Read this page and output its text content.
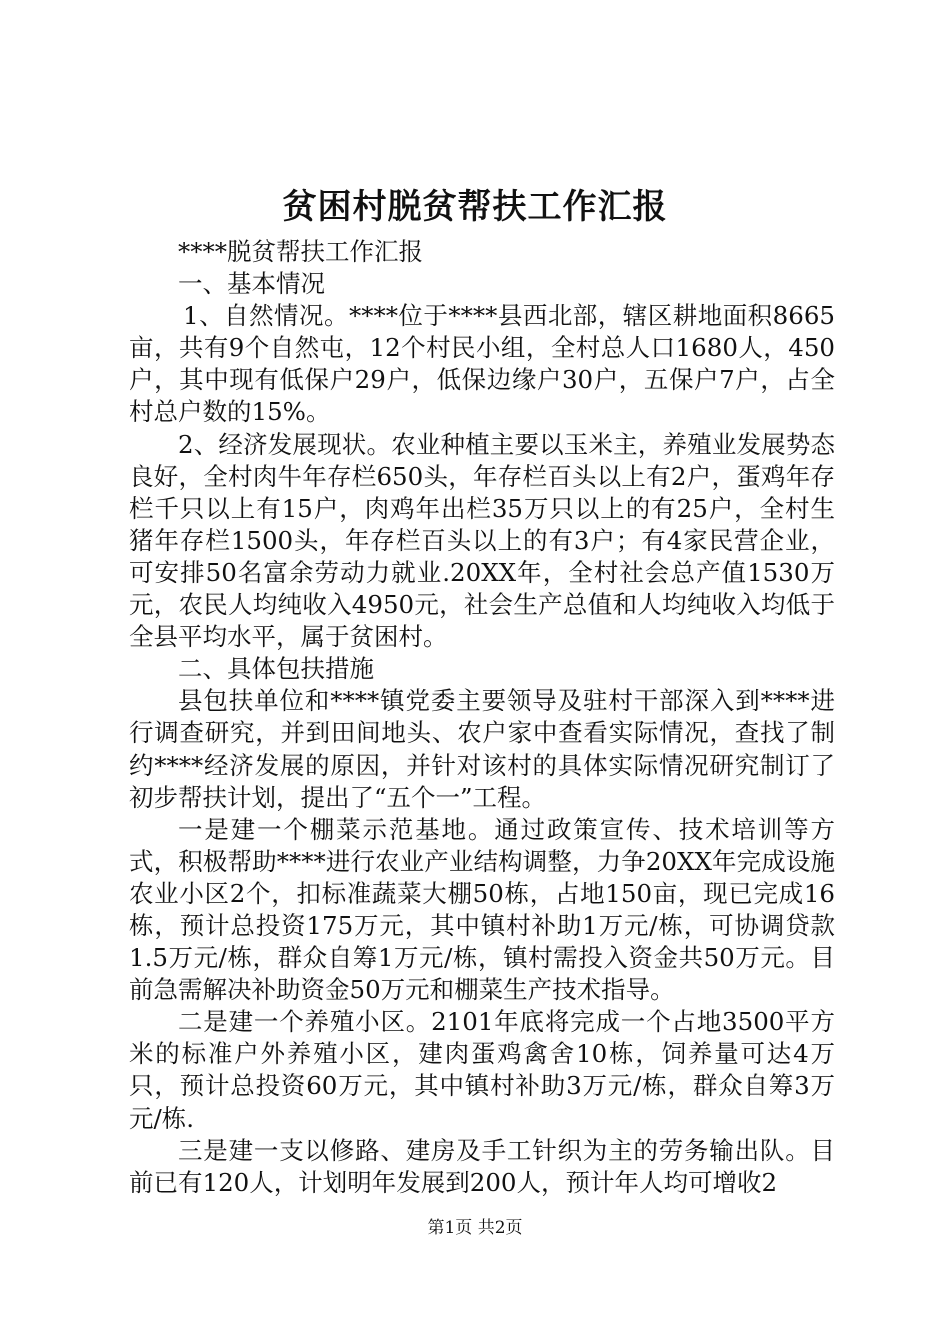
贫困村脱贫帮扶工作汇报

****脱贫帮扶工作汇报

一、基本情况

1、自然情况。****位于****县西北部，辖区耕地面积8665亩，共有9个自然屯，12个村民小组，全村总人口1680人，450户，其中现有低保户29户，低保边缘户30户，五保户7户，占全村总户数的15%。

2、经济发展现状。农业种植主要以玉米主，养殖业发展势态良好，全村肉牛年存栏650头，年存栏百头以上有2户，蛋鸡年存栏千只以上有15户，肉鸡年出栏35万只以上的有25户，全村生猪年存栏1500头，年存栏百头以上的有3户；有4家民营企业，可安排50名富余劳动力就业.20XX年，全村社会总产值1530万元，农民人均纯收入4950元，社会生产总值和人均纯收入均低于全县平均水平，属于贫困村。

二、具体包扶措施

县包扶单位和****镇党委主要领导及驻村干部深入到****进行调查研究，并到田间地头、农户家中查看实际情况，查找了制约****经济发展的原因，并针对该村的具体实际情况研究制订了初步帮扶计划，提出了“五个一”工程。

一是建一个棚菜示范基地。通过政策宣传、技术培训等方式，积极帮助****进行农业产业结构调整，力争20XX年完成设施农业小区2个，扣标准蔬菜大棚50栋，占地150亩，现已完成16栋，预计总投资175万元，其中镇村补助1万元/栋，可协调贷款1.5万元/栋，群众自筹1万元/栋，镇村需投入资金共50万元。目前急需解决补助资金50万元和棚菜生产技术指导。

二是建一个养殖小区。2101年底将完成一个占地3500平方米的标准户外养殖小区，建肉蛋鸡禽舍10栋，饲养量可达4万只，预计总投资60万元，其中镇村补助3万元/栋，群众自筹3万元/栋.

三是建一支以修路、建房及手工针织为主的劳务输出队。目前已有120人，计划明年发展到200人，预计年人均可增收2

第1页 共2页
